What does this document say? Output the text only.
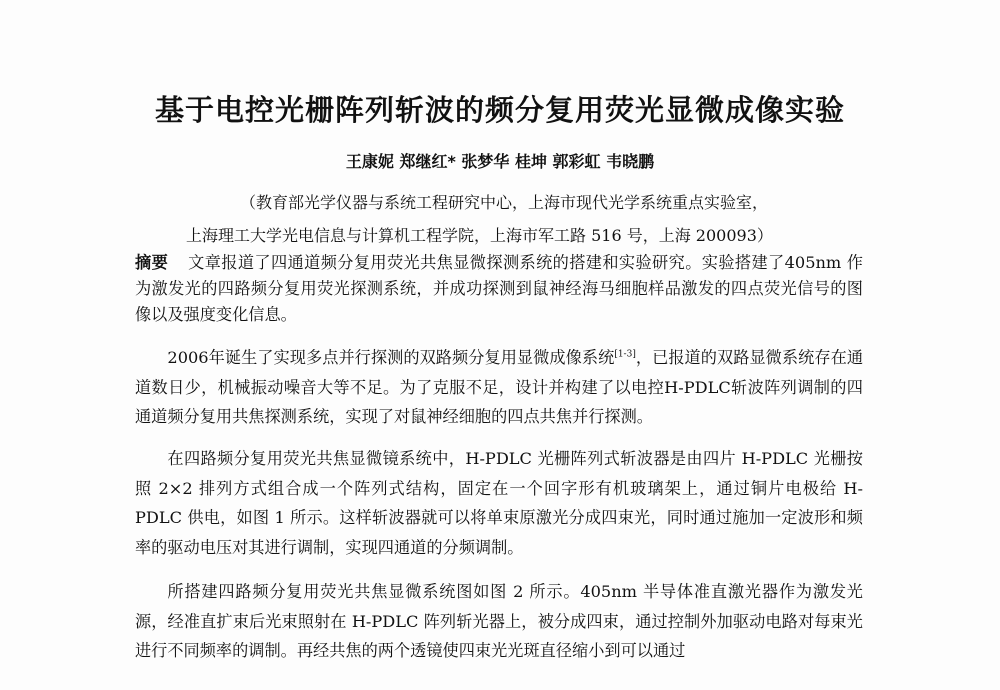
基于电控光栅阵列斩波的频分复用荧光显微成像实验
王康妮 郑继红* 张梦华 桂坤 郭彩虹 韦晓鹏
（教育部光学仪器与系统工程研究中心，上海市现代光学系统重点实验室，
上海理工大学光电信息与计算机工程学院，上海市军工路 516 号，上海 200093）
摘要 文章报道了四通道频分复用荧光共焦显微探测系统的搭建和实验研究。实验搭建了405nm 作为激发光的四路频分复用荧光探测系统，并成功探测到鼠神经海马细胞样品激发的四点荧光信号的图像以及强度变化信息。
2006年诞生了实现多点并行探测的双路频分复用显微成像系统[1-3]，已报道的双路显微系统存在通道数日少，机械振动噪音大等不足。为了克服不足，设计并构建了以电控H-PDLC斩波阵列调制的四通道频分复用共焦探测系统，实现了对鼠神经细胞的四点共焦并行探测。
在四路频分复用荧光共焦显微镜系统中，H-PDLC 光栅阵列式斩波器是由四片 H-PDLC 光栅按照 2×2 排列方式组合成一个阵列式结构，固定在一个回字形有机玻璃架上，通过铜片电极给 H-PDLC 供电，如图 1 所示。这样斩波器就可以将单束原激光分成四束光，同时通过施加一定波形和频率的驱动电压对其进行调制，实现四通道的分频调制。
所搭建四路频分复用荧光共焦显微系统图如图 2 所示。405nm 半导体准直激光器作为激发光源，经准直扩束后光束照射在 H-PDLC 阵列斩光器上，被分成四束，通过控制外加驱动电路对每束光进行不同频率的调制。再经共焦的两个透镜使四束光光斑直径缩小到可以通过
